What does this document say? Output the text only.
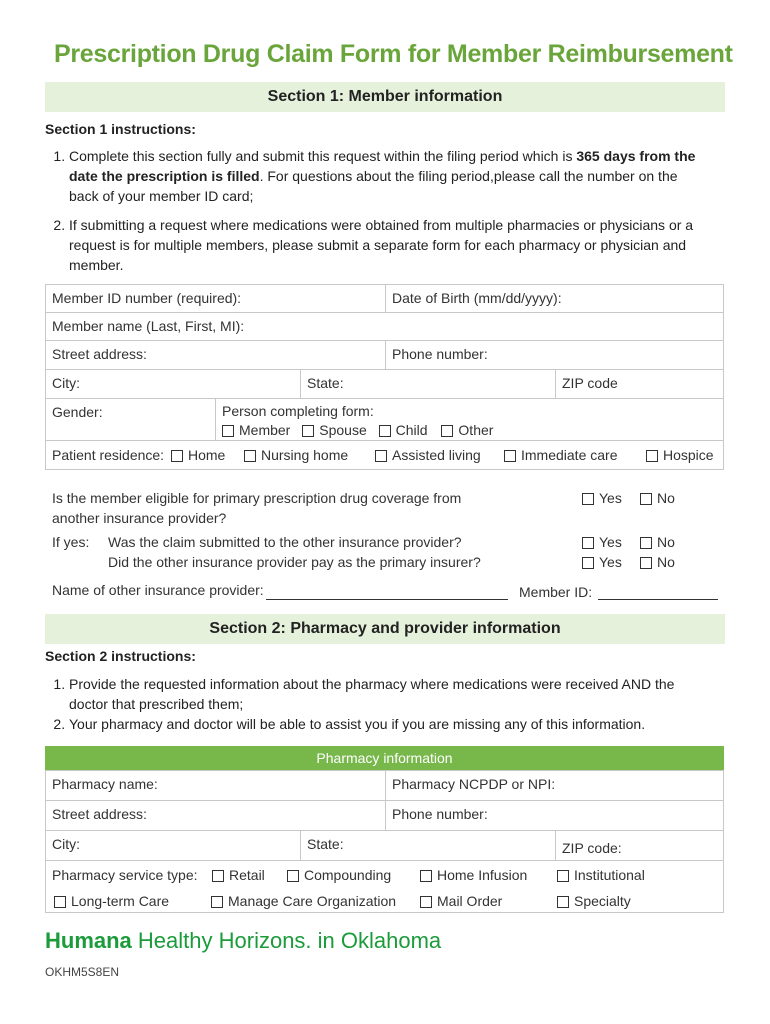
Prescription Drug Claim Form for Member Reimbursement
Section 1: Member information
Section 1 instructions:
1. Complete this section fully and submit this request within the filing period which is 365 days from the date the prescription is filled. For questions about the filing period,please call the number on the back of your member ID card;
2. If submitting a request where medications were obtained from multiple pharmacies or physicians or a request is for multiple members, please submit a separate form for each pharmacy or physician and member.
Member ID number (required):	Date of Birth (mm/dd/yyyy):
Member name (Last, First, MI):
Street address:	Phone number:
City:	State:	ZIP code
Gender:	Person completing form:
Member Spouse Child Other
Patient residence:	Home	Nursing home	Assisted living	Immediate care	Hospice
Is the member eligible for primary prescription drug coverage from another insurance provider?
Yes	No
If yes: Was the claim submitted to the other insurance provider?
Did the other insurance provider pay as the primary insurer?
Yes	No
Yes	No
Name of other insurance provider:	Member ID:
Section 2: Pharmacy and provider information
Section 2 instructions:
1. Provide the requested information about the pharmacy where medications were received AND the doctor that prescribed them;
2. Your pharmacy and doctor will be able to assist you if you are missing any of this information.
Pharmacy information
Pharmacy name:	Pharmacy NCPDP or NPI:
Street address:	Phone number:
City:	State:	ZIP code:
Pharmacy service type:	Retail	Compounding	Home Infusion	Institutional
Long-term Care	Manage Care Organization	Mail Order	Specialty
Humana Healthy Horizons. in Oklahoma
OKHM5S8EN
